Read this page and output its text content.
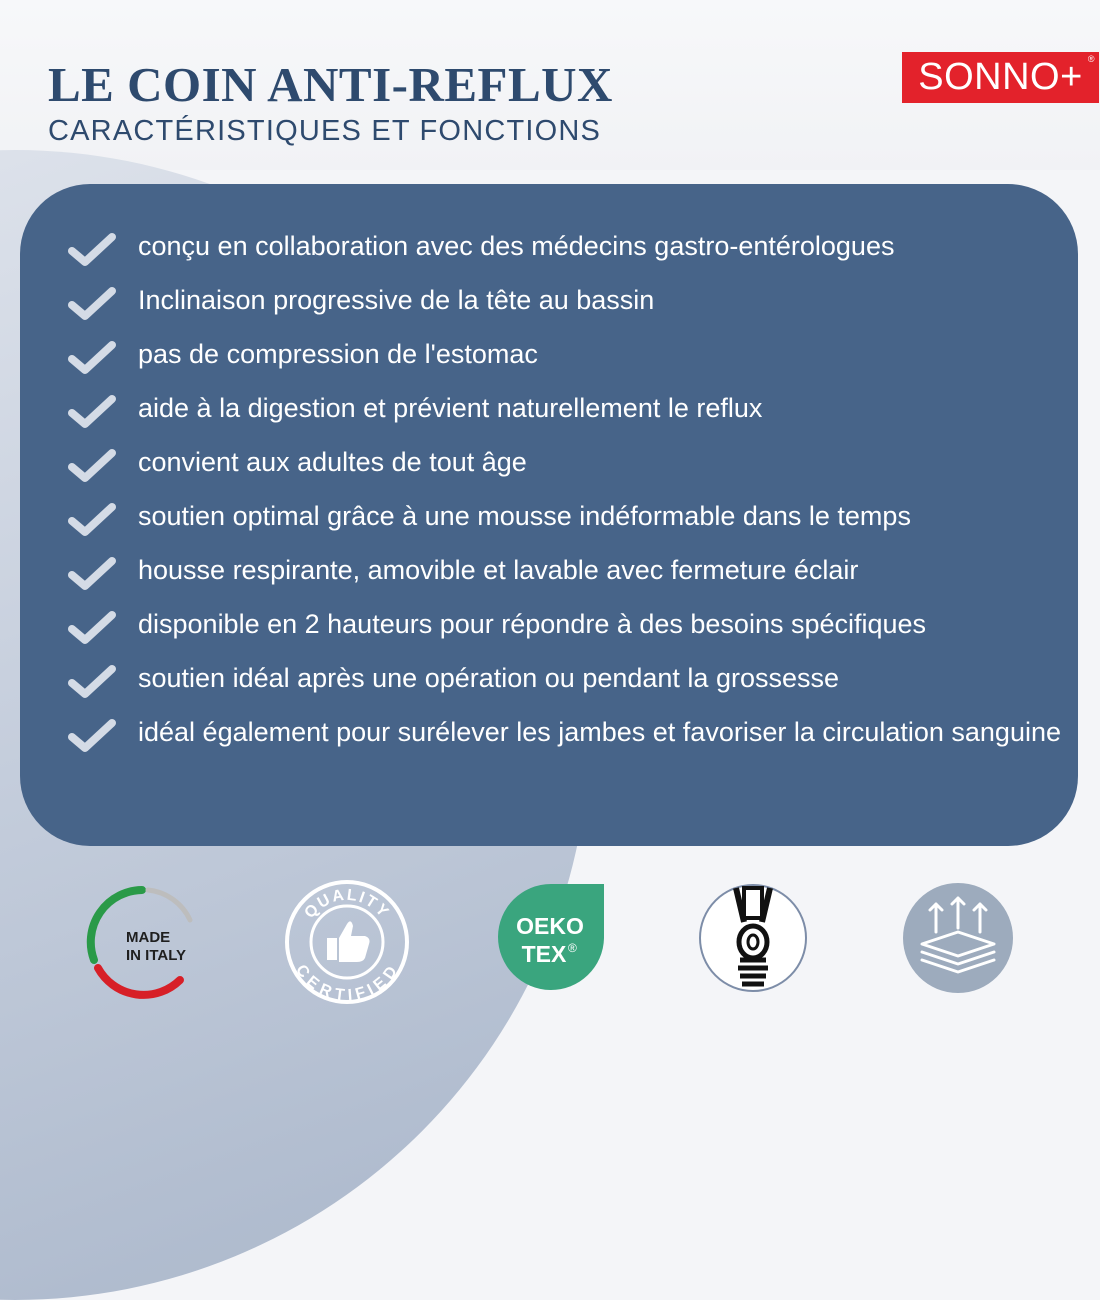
LE COIN ANTI-REFLUX
CARACTÉRISTIQUES ET FONCTIONS
SONNO+ ®
conçu en collaboration avec des médecins gastro-entérologues
Inclinaison progressive de la tête au bassin
pas de compression de l'estomac
aide à la digestion et prévient naturellement le reflux
convient aux adultes de tout âge
soutien optimal grâce à une mousse indéformable dans le temps
housse respirante, amovible et lavable avec fermeture éclair
disponible en 2 hauteurs pour répondre à des besoins spécifiques
soutien idéal après une opération ou pendant la grossesse
idéal également pour surélever les jambes et favoriser la circulation sanguine
MADE
IN ITALY
QUALITY
CERTIFIED
OEKO
TEX ®
